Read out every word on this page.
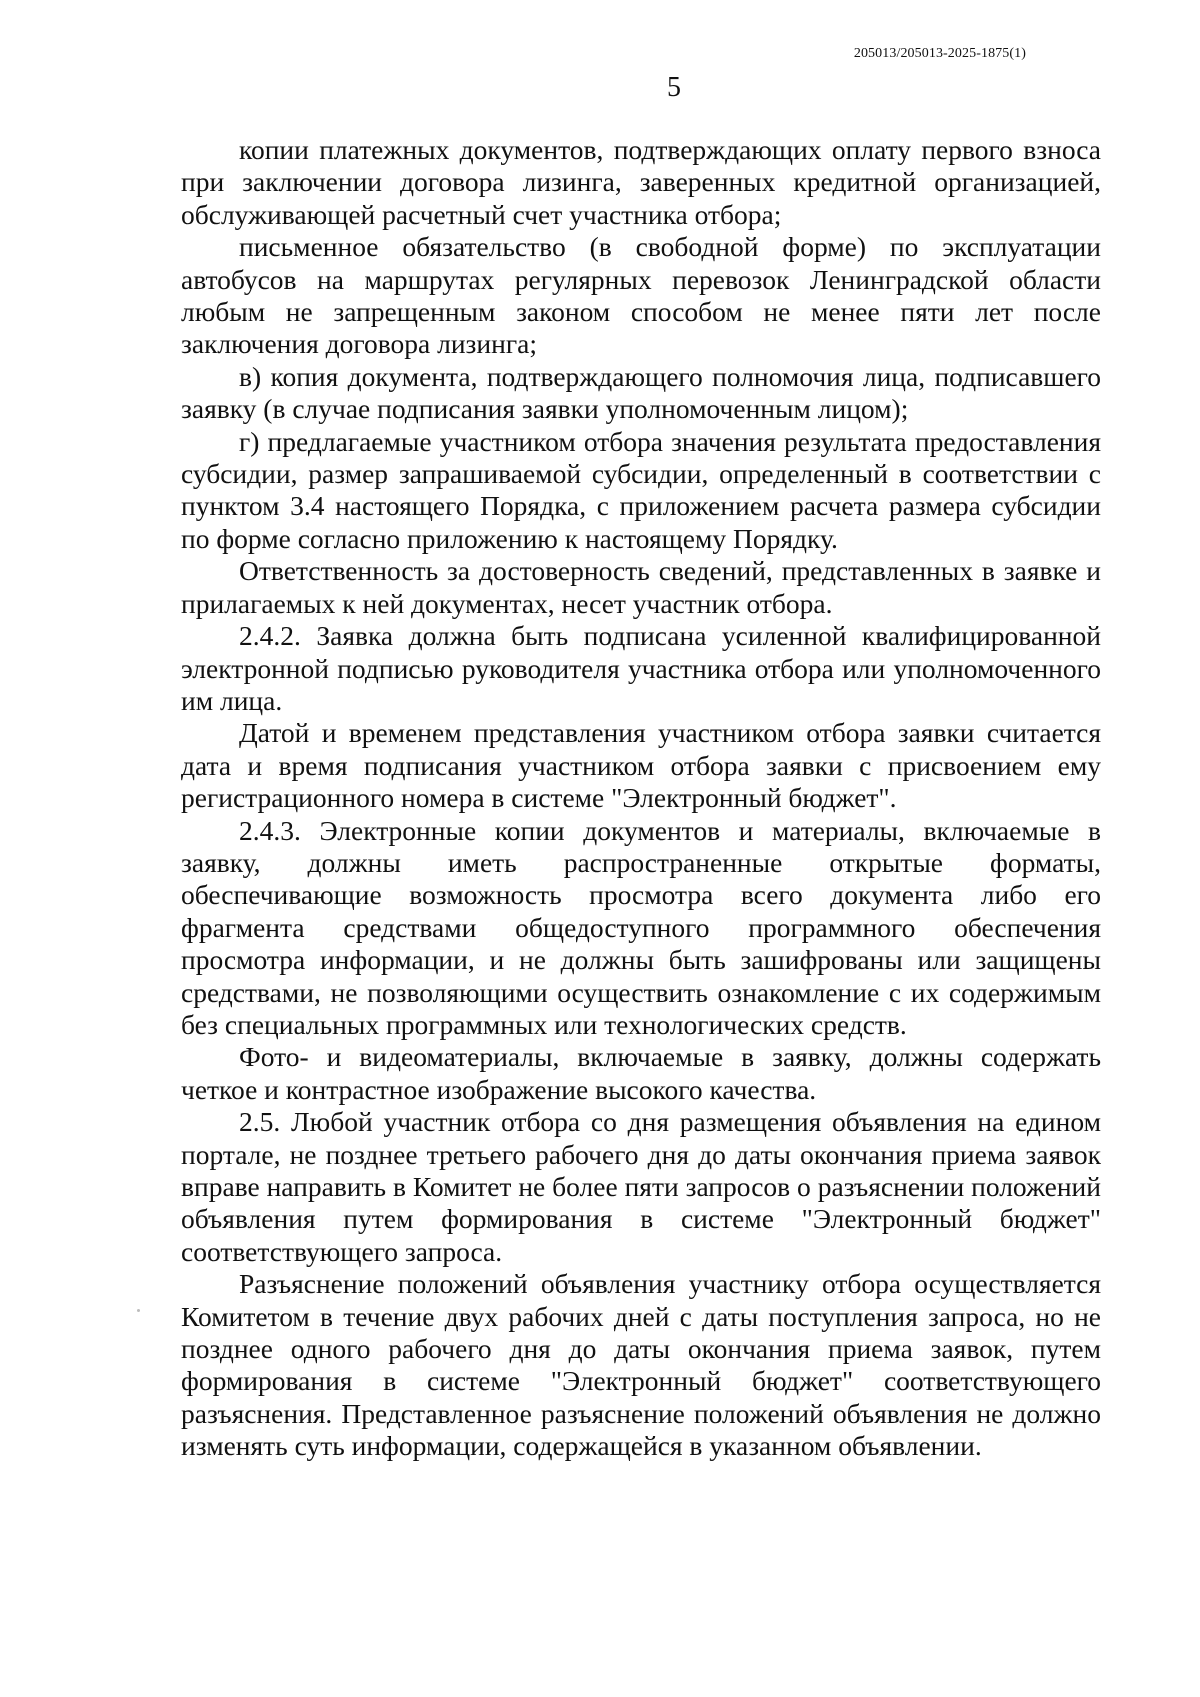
205013/205013-2025-1875(1)
5

копии платежных документов, подтверждающих оплату первого взноса при заключении договора лизинга, заверенных кредитной организацией, обслуживающей расчетный счет участника отбора;

письменное обязательство (в свободной форме) по эксплуатации автобусов на маршрутах регулярных перевозок Ленинградской области любым не запрещенным законом способом не менее пяти лет после заключения договора лизинга;

в) копия документа, подтверждающего полномочия лица, подписавшего заявку (в случае подписания заявки уполномоченным лицом);

г) предлагаемые участником отбора значения результата предоставления субсидии, размер запрашиваемой субсидии, определенный в соответствии с пунктом 3.4 настоящего Порядка, с приложением расчета размера субсидии по форме согласно приложению к настоящему Порядку.

Ответственность за достоверность сведений, представленных в заявке и прилагаемых к ней документах, несет участник отбора.

2.4.2. Заявка должна быть подписана усиленной квалифицированной электронной подписью руководителя участника отбора или уполномоченного им лица.

Датой и временем представления участником отбора заявки считается дата и время подписания участником отбора заявки с присвоением ему регистрационного номера в системе "Электронный бюджет".

2.4.3. Электронные копии документов и материалы, включаемые в заявку, должны иметь распространенные открытые форматы, обеспечивающие возможность просмотра всего документа либо его фрагмента средствами общедоступного программного обеспечения просмотра информации, и не должны быть зашифрованы или защищены средствами, не позволяющими осуществить ознакомление с их содержимым без специальных программных или технологических средств.

Фото- и видеоматериалы, включаемые в заявку, должны содержать четкое и контрастное изображение высокого качества.

2.5. Любой участник отбора со дня размещения объявления на едином портале, не позднее третьего рабочего дня до даты окончания приема заявок вправе направить в Комитет не более пяти запросов о разъяснении положений объявления путем формирования в системе "Электронный бюджет" соответствующего запроса.

Разъяснение положений объявления участнику отбора осуществляется Комитетом в течение двух рабочих дней с даты поступления запроса, но не позднее одного рабочего дня до даты окончания приема заявок, путем формирования в системе "Электронный бюджет" соответствующего разъяснения. Представленное разъяснение положений объявления не должно изменять суть информации, содержащейся в указанном объявлении.
